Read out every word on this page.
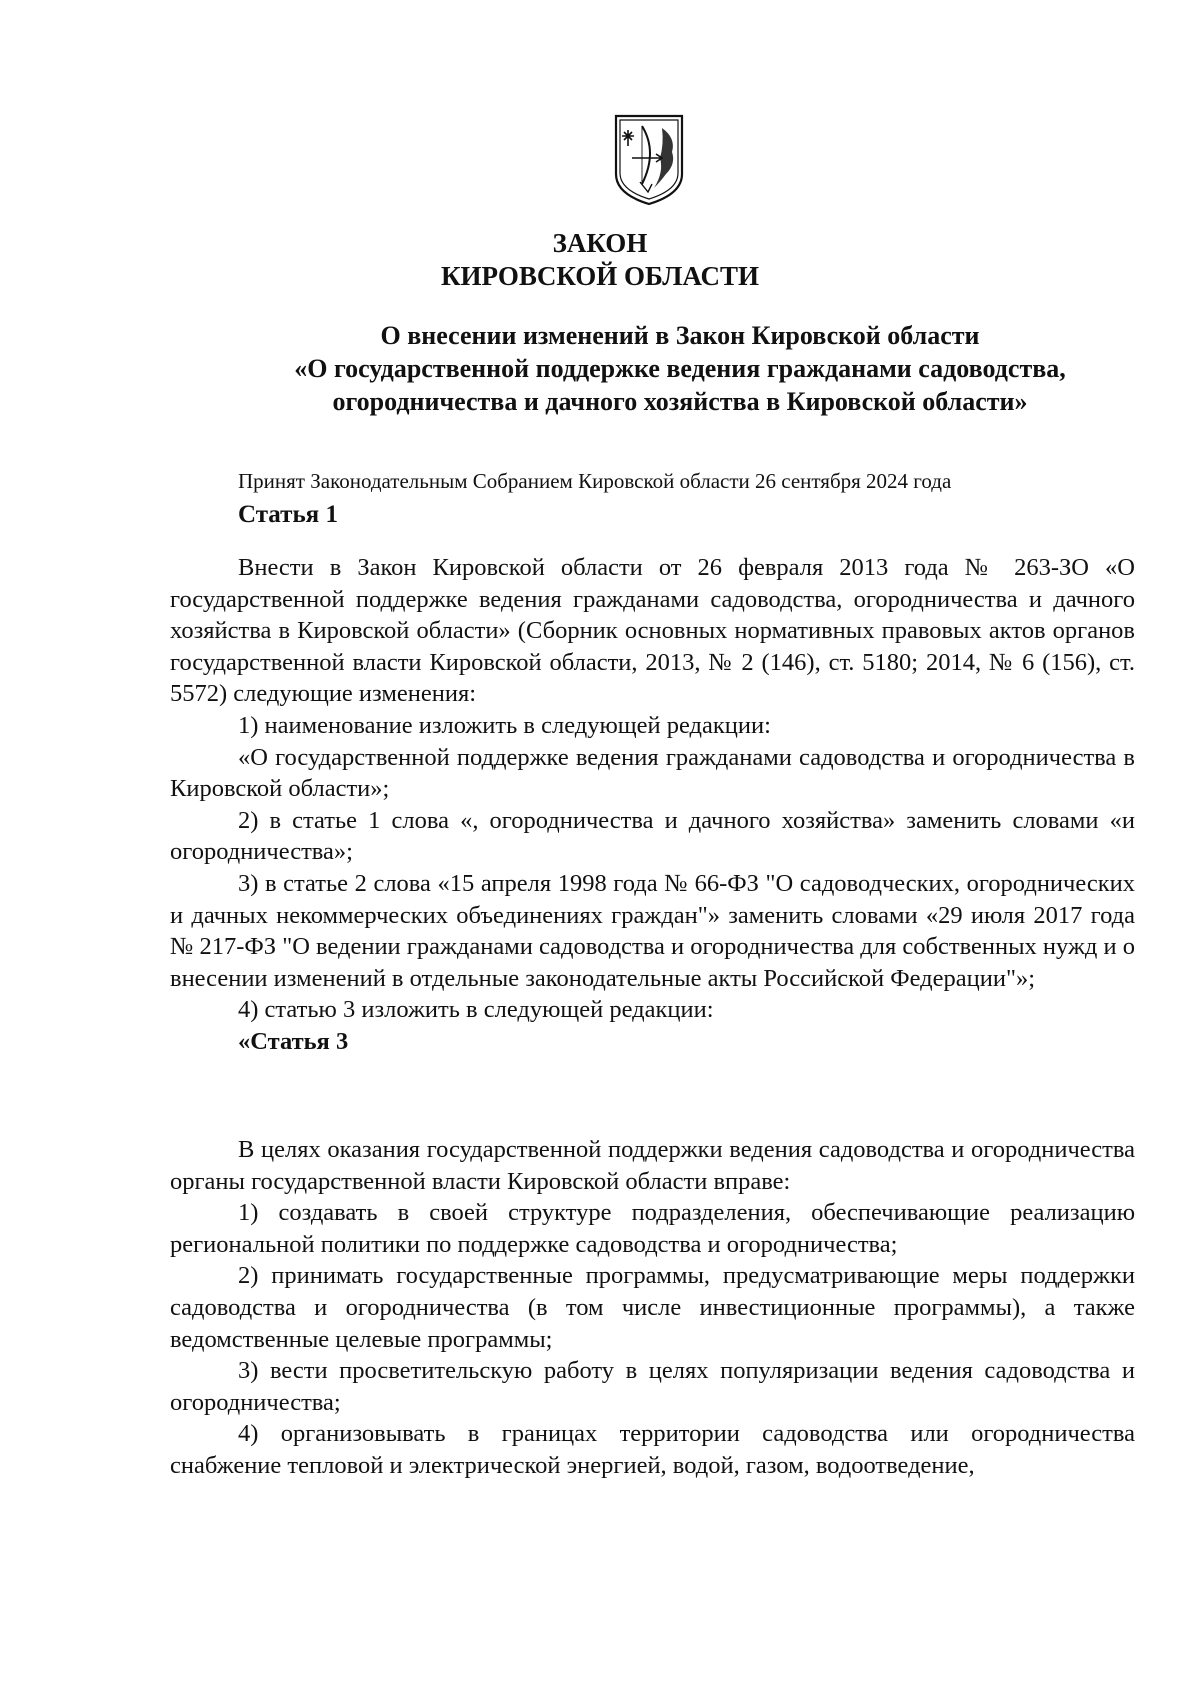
ЗАКОН
КИРОВСКОЙ ОБЛАСТИ
О внесении изменений в Закон Кировской области
«О государственной поддержке ведения гражданами садоводства,
огородничества и дачного хозяйства в Кировской области»
Принят Законодательным Собранием Кировской области 26 сентября 2024 года
Статья 1

Внести в Закон Кировской области от 26 февраля 2013 года № 263-ЗО «О государственной поддержке ведения гражданами садоводства, огородничества и дачного хозяйства в Кировской области» (Сборник основных нормативных правовых актов органов государственной власти Кировской области, 2013, № 2 (146), ст. 5180; 2014, № 6 (156), ст. 5572) следующие изменения:

1) наименование изложить в следующей редакции:

«О государственной поддержке ведения гражданами садоводства и огородничества в Кировской области»;

2) в статье 1 слова «, огородничества и дачного хозяйства» заменить словами «и огородничества»;

3) в статье 2 слова «15 апреля 1998 года № 66-ФЗ "О садоводческих, огороднических и дачных некоммерческих объединениях граждан"» заменить словами «29 июля 2017 года № 217-ФЗ "О ведении гражданами садоводства и огородничества для собственных нужд и о внесении изменений в отдельные законодательные акты Российской Федерации"»;

4) статью 3 изложить в следующей редакции:

«Статья 3

В целях оказания государственной поддержки ведения садоводства и огородничества органы государственной власти Кировской области вправе:

1) создавать в своей структуре подразделения, обеспечивающие реализацию региональной политики по поддержке садоводства и огородничества;

2) принимать государственные программы, предусматривающие меры поддержки садоводства и огородничества (в том числе инвестиционные программы), а также ведомственные целевые программы;

3) вести просветительскую работу в целях популяризации ведения садоводства и огородничества;

4) организовывать в границах территории садоводства или огородничества снабжение тепловой и электрической энергией, водой, газом, водоотведение,
